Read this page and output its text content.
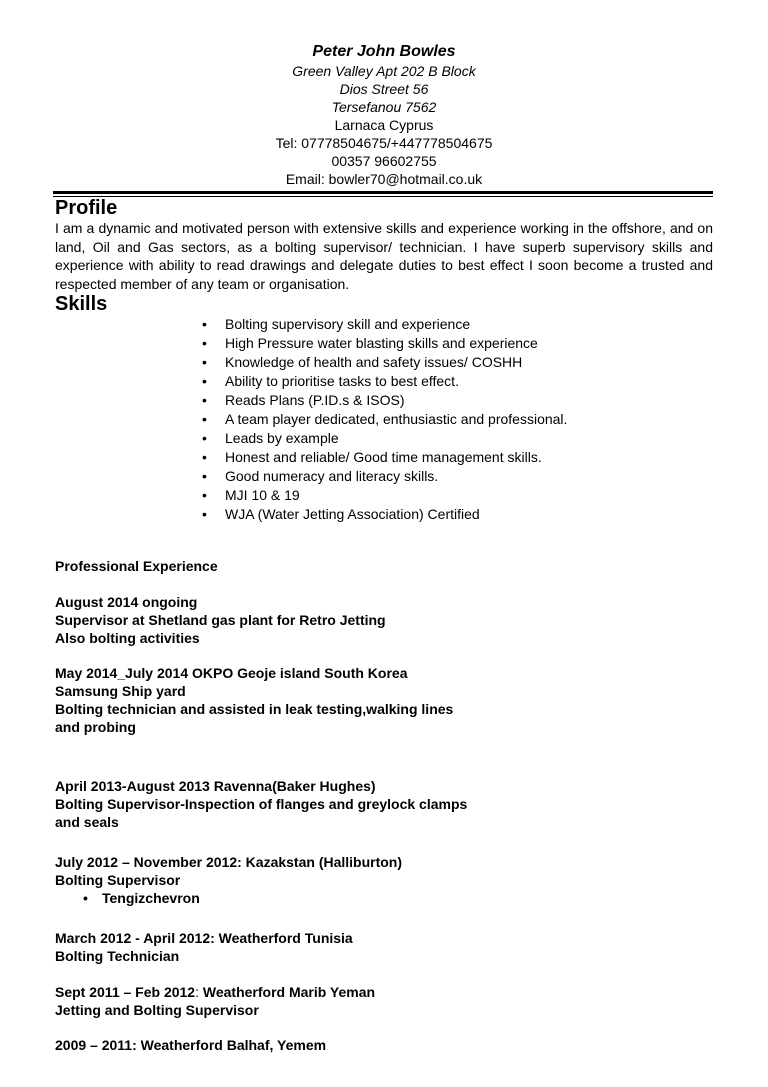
Peter John Bowles
Green Valley Apt 202 B Block
Dios Street 56
Tersefanou 7562
Larnaca Cyprus
Tel: 07778504675/+447778504675
00357 96602755
Email: bowler70@hotmail.co.uk
Profile
I am a dynamic and motivated person with extensive skills and experience working in the offshore, and on land, Oil and Gas sectors, as a bolting supervisor/ technician. I have superb supervisory skills and experience with ability to read drawings and delegate duties to best effect I soon become a trusted and respected member of any team or organisation.
Skills
• Bolting supervisory skill and experience
• High Pressure water blasting skills and experience
• Knowledge of health and safety issues/ COSHH
• Ability to prioritise tasks to best effect.
• Reads Plans (P.ID.s & ISOS)
• A team player dedicated, enthusiastic and professional.
• Leads by example
• Honest and reliable/ Good time management skills.
• Good numeracy and literacy skills.
• MJI 10 & 19
• WJA (Water Jetting Association) Certified
Professional Experience
August 2014 ongoing
Supervisor at Shetland gas plant for Retro Jetting
Also bolting activities
May 2014_July 2014 OKPO Geoje island South Korea
Samsung Ship yard
Bolting technician and assisted in leak testing,walking lines
and probing
April 2013-August 2013 Ravenna(Baker Hughes)
Bolting Supervisor-Inspection of flanges and greylock clamps
and seals
July 2012 – November 2012: Kazakstan (Halliburton)
Bolting Supervisor
• Tengizchevron
March 2012 - April 2012: Weatherford Tunisia
Bolting Technician
Sept 2011 – Feb 2012: Weatherford Marib Yeman
Jetting and Bolting Supervisor
2009 – 2011: Weatherford Balhaf, Yemem
